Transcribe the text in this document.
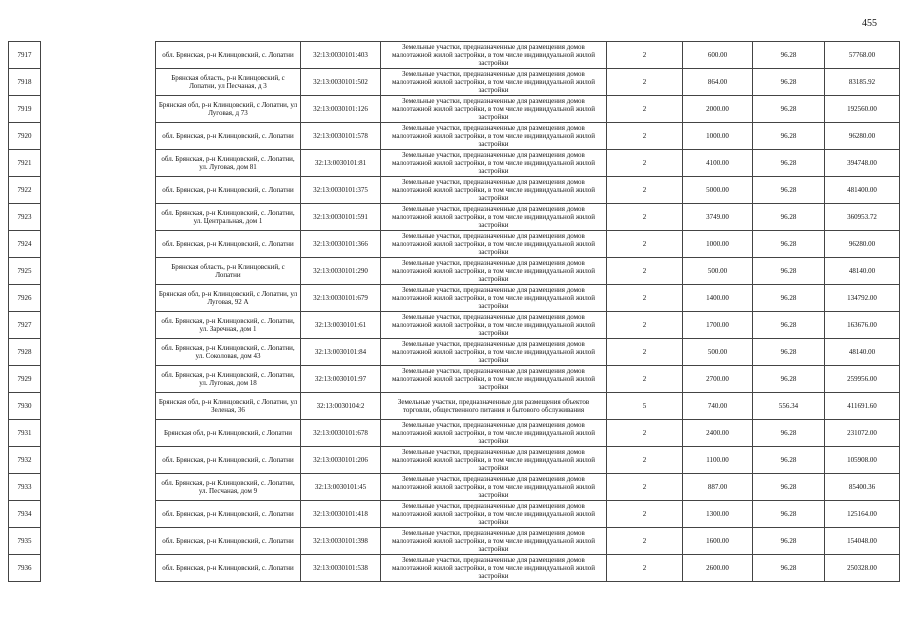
455
7917		обл. Брянская, р-н Клинцовский, с. Лопатни	32:13:0030101:403	Земельные участки, предназначенные для размещения домов малоэтажной жилой застройки, в том числе индивидуальной жилой застройки	2	600.00	96.28	57768.00
7918		Брянская область, р-н Клинцовский, с Лопатни, ул Песчаная, д 3	32:13:0030101:502	Земельные участки, предназначенные для размещения домов малоэтажной жилой застройки, в том числе индивидуальной жилой застройки	2	864.00	96.28	83185.92
7919		Брянская обл, р-н Клинцовский, с Лопатни, ул Луговая, д 73	32:13:0030101:126	Земельные участки, предназначенные для размещения домов малоэтажной жилой застройки, в том числе индивидуальной жилой застройки	2	2000.00	96.28	192560.00
7920		обл. Брянская, р-н Клинцовский, с. Лопатни	32:13:0030101:578	Земельные участки, предназначенные для размещения домов малоэтажной жилой застройки, в том числе индивидуальной жилой застройки	2	1000.00	96.28	96280.00
7921		обл. Брянская, р-н Клинцовский, с. Лопатни, ул. Луговая, дом 81	32:13:0030101:81	Земельные участки, предназначенные для размещения домов малоэтажной жилой застройки, в том числе индивидуальной жилой застройки	2	4100.00	96.28	394748.00
7922		обл. Брянская, р-н Клинцовский, с. Лопатни	32:13:0030101:375	Земельные участки, предназначенные для размещения домов малоэтажной жилой застройки, в том числе индивидуальной жилой застройки	2	5000.00	96.28	481400.00
7923		обл. Брянская, р-н Клинцовский, с. Лопатни, ул. Центральная, дом 1	32:13:0030101:591	Земельные участки, предназначенные для размещения домов малоэтажной жилой застройки, в том числе индивидуальной жилой застройки	2	3749.00	96.28	360953.72
7924		обл. Брянская, р-н Клинцовский, с. Лопатни	32:13:0030101:366	Земельные участки, предназначенные для размещения домов малоэтажной жилой застройки, в том числе индивидуальной жилой застройки	2	1000.00	96.28	96280.00
7925		Брянская область, р-н Клинцовский, с Лопатни	32:13:0030101:290	Земельные участки, предназначенные для размещения домов малоэтажной жилой застройки, в том числе индивидуальной жилой застройки	2	500.00	96.28	48140.00
7926		Брянская обл, р-н Клинцовский, с Лопатни, ул Луговая, 92 А	32:13:0030101:679	Земельные участки, предназначенные для размещения домов малоэтажной жилой застройки, в том числе индивидуальной жилой застройки	2	1400.00	96.28	134792.00
7927		обл. Брянская, р-н Клинцовский, с. Лопатни, ул. Заречная, дом 1	32:13:0030101:61	Земельные участки, предназначенные для размещения домов малоэтажной жилой застройки, в том числе индивидуальной жилой застройки	2	1700.00	96.28	163676.00
7928		обл. Брянская, р-н Клинцовский, с. Лопатни, ул. Соколовая, дом 43	32:13:0030101:84	Земельные участки, предназначенные для размещения домов малоэтажной жилой застройки, в том числе индивидуальной жилой застройки	2	500.00	96.28	48140.00
7929		обл. Брянская, р-н Клинцовский, с. Лопатни, ул. Луговая, дом 18	32:13:0030101:97	Земельные участки, предназначенные для размещения домов малоэтажной жилой застройки, в том числе индивидуальной жилой застройки	2	2700.00	96.28	259956.00
7930		Брянская обл, р-н Клинцовский, с Лопатни, ул Зеленая, 36	32:13:0030104:2	Земельные участки, предназначенные для размещения объектов торговли, общественного питания и бытового обслуживания	5	740.00	556.34	411691.60
7931		Брянская обл, р-н Клинцовский, с Лопатни	32:13:0030101:678	Земельные участки, предназначенные для размещения домов малоэтажной жилой застройки, в том числе индивидуальной жилой застройки	2	2400.00	96.28	231072.00
7932		обл. Брянская, р-н Клинцовский, с. Лопатни	32:13:0030101:206	Земельные участки, предназначенные для размещения домов малоэтажной жилой застройки, в том числе индивидуальной жилой застройки	2	1100.00	96.28	105908.00
7933		обл. Брянская, р-н Клинцовский, с. Лопатни, ул. Песчаная, дом 9	32:13:0030101:45	Земельные участки, предназначенные для размещения домов малоэтажной жилой застройки, в том числе индивидуальной жилой застройки	2	887.00	96.28	85400.36
7934		обл. Брянская, р-н Клинцовский, с. Лопатни	32:13:0030101:418	Земельные участки, предназначенные для размещения домов малоэтажной жилой застройки, в том числе индивидуальной жилой застройки	2	1300.00	96.28	125164.00
7935		обл. Брянская, р-н Клинцовский, с. Лопатни	32:13:0030101:398	Земельные участки, предназначенные для размещения домов малоэтажной жилой застройки, в том числе индивидуальной жилой застройки	2	1600.00	96.28	154048.00
7936		обл. Брянская, р-н Клинцовский, с. Лопатни	32:13:0030101:538	Земельные участки, предназначенные для размещения домов малоэтажной жилой застройки, в том числе индивидуальной жилой застройки	2	2600.00	96.28	250328.00
